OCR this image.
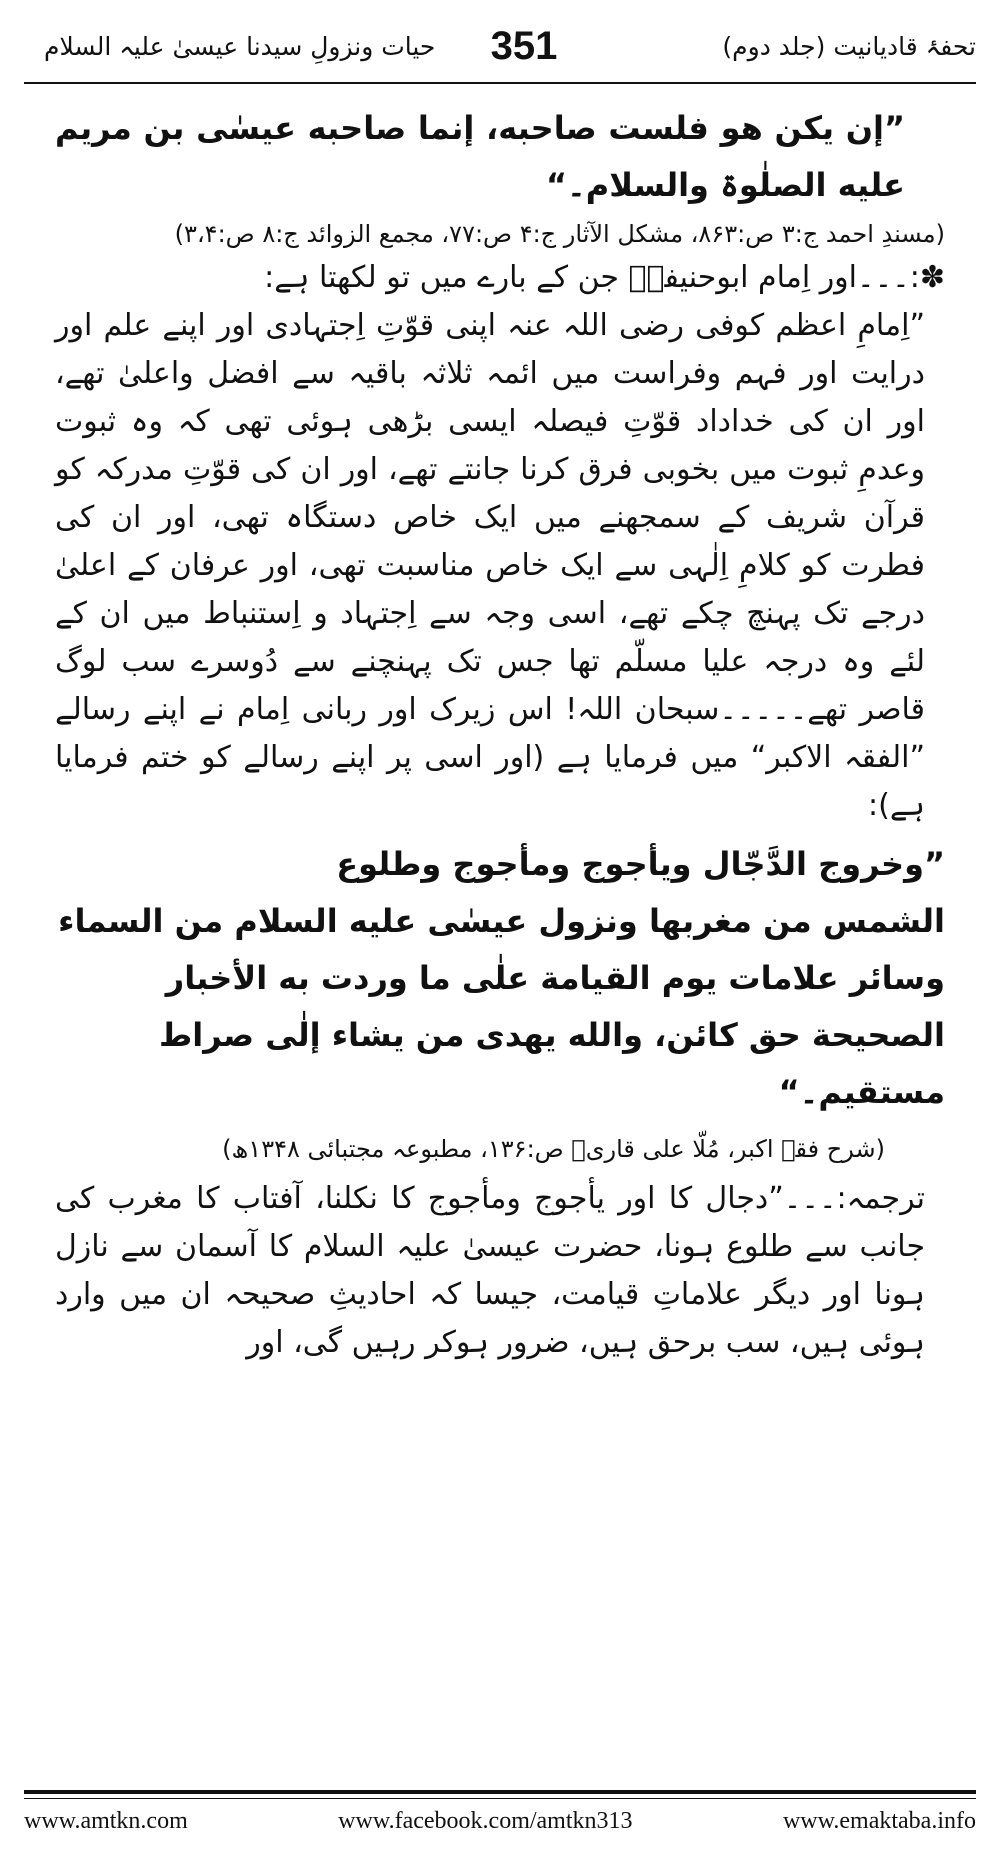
تحفۂ قادیانیت (جلد دوم)
351
حیات ونزولِ سیدنا عیسیٰ علیہ السلام

”إن یکن ھو فلست صاحبه، إنما صاحبه عیسٰی بن مریم علیه الصلٰوۃ والسلام۔“

(مسندِ احمد ج:۳ ص:۸۶۳، مشکل الآثار ج:۴ ص:۷۷، مجمع الزوائد ج:۸ ص:۳،۴)

✽:۔۔۔اور اِمام ابوحنیفہؒ جن کے بارے میں تو لکھتا ہے:

”اِمامِ اعظم کوفی رضی اللہ عنہ اپنی قوّتِ اِجتہادی اور اپنے علم اور درایت اور فہم وفراست میں ائمہ ثلاثہ باقیہ سے افضل واعلیٰ تھے، اور ان کی خداداد قوّتِ فیصلہ ایسی بڑھی ہوئی تھی کہ وہ ثبوت وعدمِ ثبوت میں بخوبی فرق کرنا جانتے تھے، اور ان کی قوّتِ مدرکہ کو قرآن شریف کے سمجھنے میں ایک خاص دستگاہ تھی، اور ان کی فطرت کو کلامِ اِلٰہی سے ایک خاص مناسبت تھی، اور عرفان کے اعلیٰ درجے تک پہنچ چکے تھے، اسی وجہ سے اِجتہاد و اِستنباط میں ان کے لئے وہ درجہ علیا مسلّم تھا جس تک پہنچنے سے دُوسرے سب لوگ قاصر تھے۔۔۔۔۔سبحان اللہ! اس زیرک اور ربانی اِمام نے اپنے رسالے ”الفقہ الاکبر“ میں فرمایا ہے (اور اسی پر اپنے رسالے کو ختم فرمایا ہے):

”وخروج الدَّجّال ویأجوج ومأجوج وطلوع

الشمس من مغربها ونزول عیسٰی علیه السلام من السماء

وسائر علامات یوم القیامة علٰی ما وردت به الأخبار

الصحیحة حق کائن، والله یهدی من یشاء إلٰی صراط

مستقیم۔“

(شرح فقہ اکبر، مُلّا علی قاریؒ ص:۱۳۶، مطبوعہ مجتبائی ۱۳۴۸ھ)

ترجمہ:۔۔۔”دجال کا اور یأجوج ومأجوج کا نکلنا، آفتاب کا مغرب کی جانب سے طلوع ہونا، حضرت عیسیٰ علیہ السلام کا آسمان سے نازل ہونا اور دیگر علاماتِ قیامت، جیسا کہ احادیثِ صحیحہ ان میں وارد ہوئی ہیں، سب برحق ہیں، ضرور ہوکر رہیں گی، اور

www.amtkn.com	www.facebook.com/amtkn313	www.emaktaba.info
